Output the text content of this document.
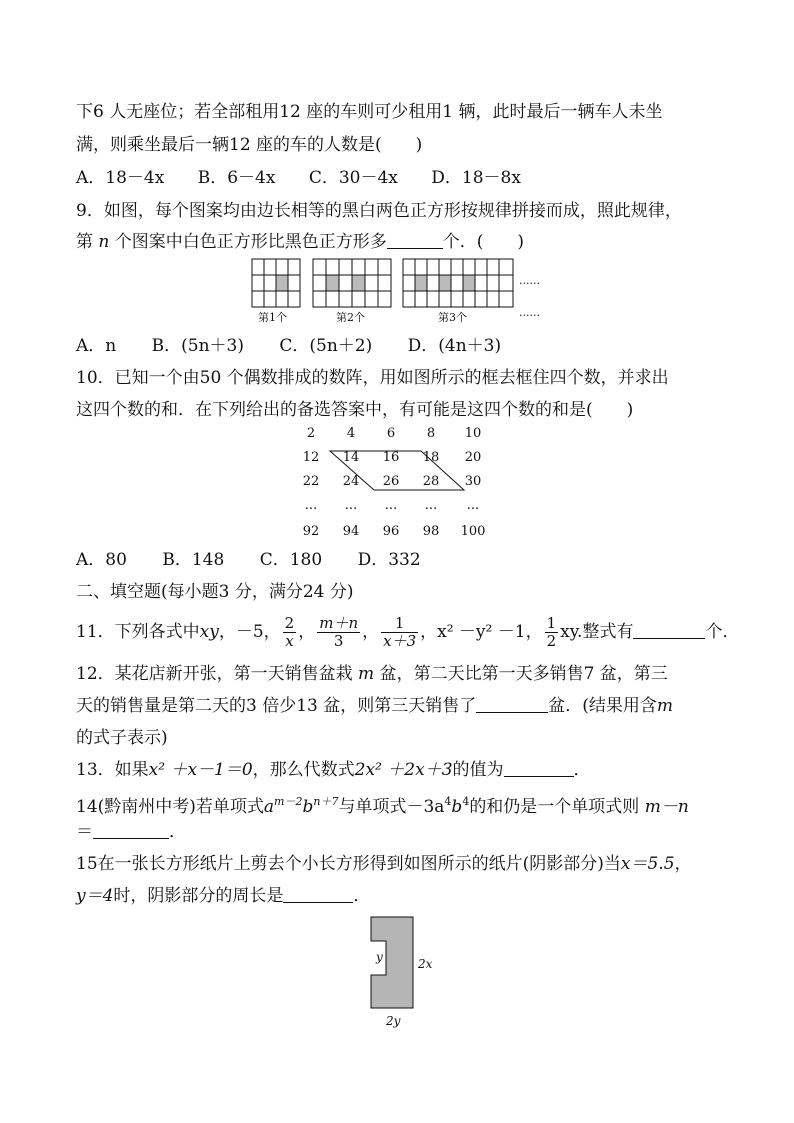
下6 人无座位；若全部租用12 座的车则可少租用1 辆，此时最后一辆车人未坐
满，则乘坐最后一辆12 座的车的人数是(　　)
A．18－4x B．6－4x C．30－4x D．18－8x
9．如图，每个图案均由边长相等的黑白两色正方形按规律拼接而成，照此规律，
第 n 个图案中白色正方形比黑色正方形多	个．(　　)
第1个	第2个	第3个
......
......
A．n B．(5n＋3) C．(5n＋2) D．(4n＋3)
10．已知一个由50 个偶数排成的数阵，用如图所示的框去框住四个数，并求出
这四个数的和．在下列给出的备选答案中，有可能是这四个数的和是(　　)
2	4	6	8	10
12	14	16	18	20
22	24	26	28	30
...	...	...	...	...
92	94	96	98	100
A．80 B．148 C．180 D．332
二、填空题(每小题3 分，满分24 分)
11．下列各式中xy，－5， $\frac{2}{x}$ ， $\frac{m+n}{3}$ ， $\frac{1}{x+3}$ ，x² －y² －1， $\frac{1}{2}$ xy.整式有	个．
12．某花店新开张，第一天销售盆栽 m 盆，第二天比第一天多销售7 盆，第三
天的销售量是第二天的3 倍少13 盆，则第三天销售了	盆．(结果用含m
的式子表示)
13．如果x² ＋x－1＝0，那么代数式2x² ＋2x＋3的值为	．
14(黔南州中考)若单项式$a^{m-2}b^{n+7}$与单项式$-3a^4b^4$的和仍是一个单项式则 m－n
＝	．
15在一张长方形纸片上剪去个小长方形得到如图所示的纸片(阴影部分)当x＝5.5，
y＝4时，阴影部分的周长是	．
y	2x
2y
